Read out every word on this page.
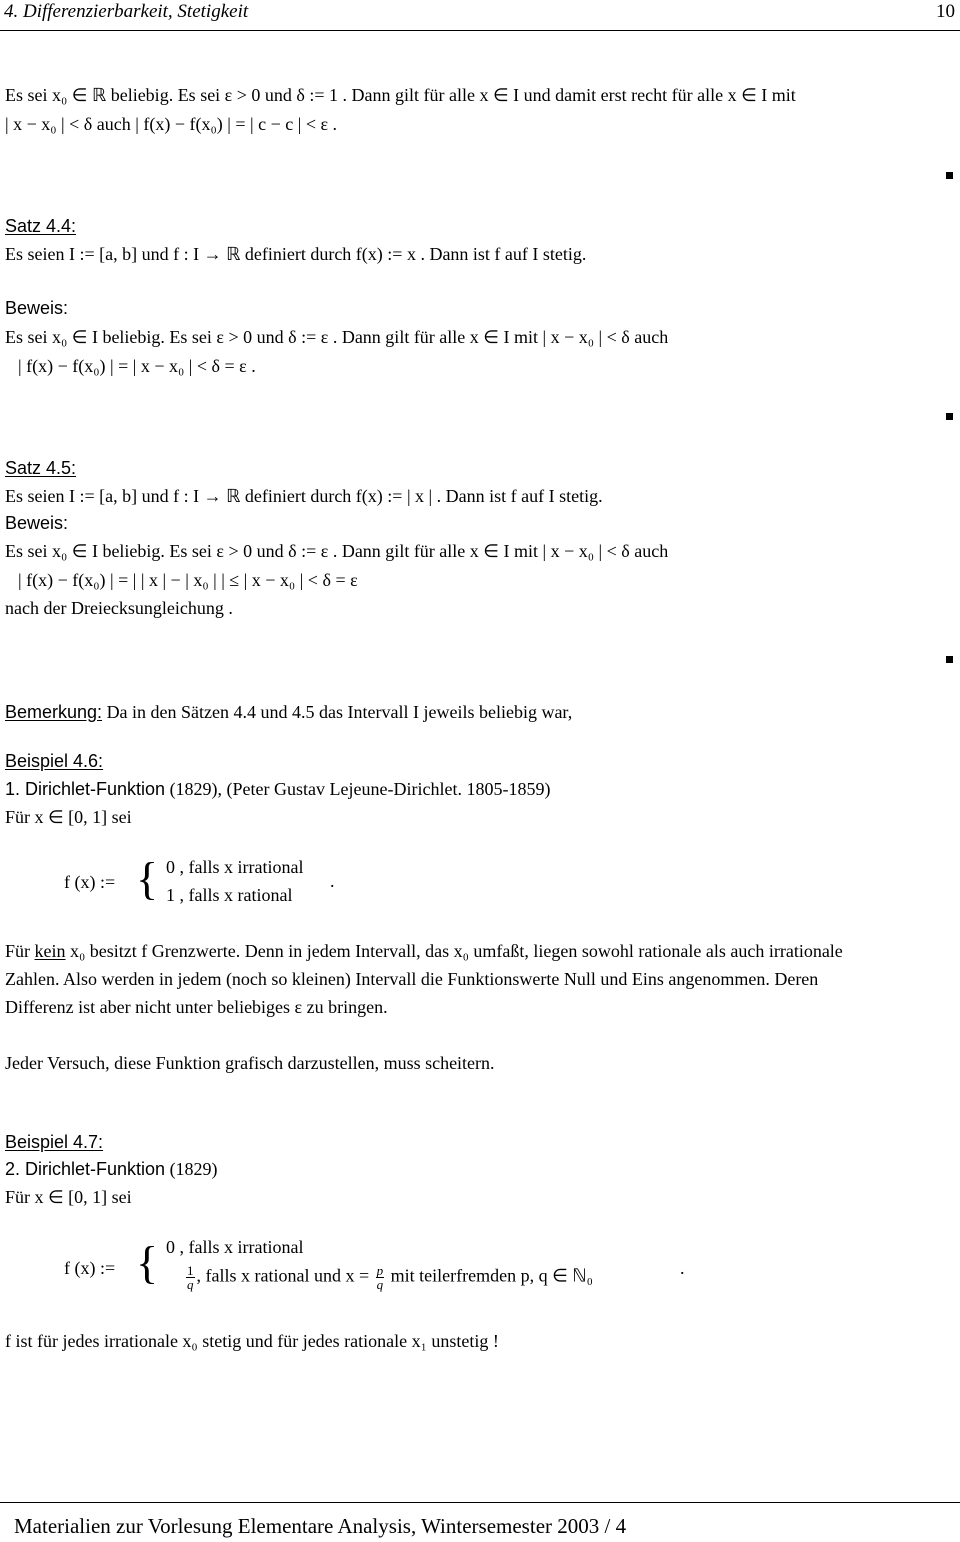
4. Differenzierbarkeit, Stetigkeit	10
Es sei x₀ ∈ ℝ beliebig. Es sei ε > 0 und δ := 1 . Dann gilt für alle x ∈ I und damit erst recht für alle x ∈ I mit
| x − x₀ | < δ auch | f(x) − f(x₀) | = | c − c | < ε .
Satz 4.4:
Es seien I := [a, b] und f : I → ℝ definiert durch f(x) := x . Dann ist f auf I stetig.
Beweis:
Es sei x₀ ∈ I beliebig. Es sei ε > 0 und δ := ε . Dann gilt für alle x ∈ I mit | x − x₀ | < δ auch
| f(x) − f(x₀) | = | x − x₀ | < δ = ε .
Satz 4.5:
Es seien I := [a, b] und f : I → ℝ definiert durch f(x) := | x | . Dann ist f auf I stetig.
Beweis:
Es sei x₀ ∈ I beliebig. Es sei ε > 0 und δ := ε . Dann gilt für alle x ∈ I mit | x − x₀ | < δ auch
| f(x) − f(x₀) | = | | x | − | x₀ | | ≤ | x − x₀ | < δ = ε
nach der Dreiecksungleichung .
Bemerkung: Da in den Sätzen 4.4 und 4.5 das Intervall I jeweils beliebig war,
Beispiel 4.6:
1. Dirichlet-Funktion (1829), (Peter Gustav Lejeune-Dirichlet. 1805-1859)
Für x ∈ [0, 1] sei
f (x) := { 0 , falls x irrational
1 , falls x rational
.
Für kein x₀ besitzt f Grenzwerte. Denn in jedem Intervall, das x₀ umfaßt, liegen sowohl rationale als auch irrationale
Zahlen. Also werden in jedem (noch so kleinen) Intervall die Funktionswerte Null und Eins angenommen. Deren
Differenz ist aber nicht unter beliebiges ε zu bringen.
Jeder Versuch, diese Funktion grafisch darzustellen, muss scheitern.
Beispiel 4.7:
2. Dirichlet-Funktion (1829)
Für x ∈ [0, 1] sei
f (x) := { 0 , falls x irrational
$\frac{1}{q}$ , falls x rational und $x = \frac{p}{q}$ mit teilerfremden p, q ∈ ℕ₀	.
f ist für jedes irrationale x₀ stetig und für jedes rationale x₁ unstetig !
Materialien zur Vorlesung Elementare Analysis, Wintersemester 2003 / 4
